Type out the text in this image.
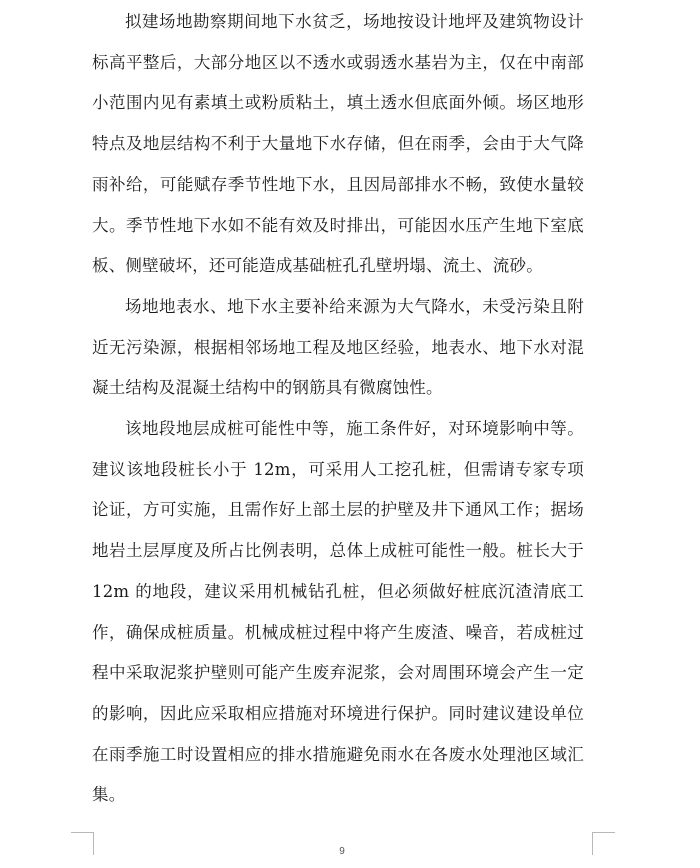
拟建场地勘察期间地下水贫乏，场地按设计地坪及建筑物设计标高平整后，大部分地区以不透水或弱透水基岩为主，仅在中南部小范围内见有素填土或粉质粘土，填土透水但底面外倾。场区地形特点及地层结构不利于大量地下水存储，但在雨季，会由于大气降雨补给，可能赋存季节性地下水，且因局部排水不畅，致使水量较大。季节性地下水如不能有效及时排出，可能因水压产生地下室底板、侧壁破坏，还可能造成基础桩孔孔壁坍塌、流土、流砂。

场地地表水、地下水主要补给来源为大气降水，未受污染且附近无污染源，根据相邻场地工程及地区经验，地表水、地下水对混凝土结构及混凝土结构中的钢筋具有微腐蚀性。

该地段地层成桩可能性中等，施工条件好，对环境影响中等。建议该地段桩长小于 12m，可采用人工挖孔桩，但需请专家专项论证，方可实施，且需作好上部土层的护壁及井下通风工作；据场地岩土层厚度及所占比例表明，总体上成桩可能性一般。桩长大于12m 的地段，建议采用机械钻孔桩，但必须做好桩底沉渣清底工作，确保成桩质量。机械成桩过程中将产生废渣、噪音，若成桩过程中采取泥浆护壁则可能产生废弃泥浆，会对周围环境会产生一定的影响，因此应采取相应措施对环境进行保护。同时建议建设单位在雨季施工时设置相应的排水措施避免雨水在各废水处理池区域汇集。

9
